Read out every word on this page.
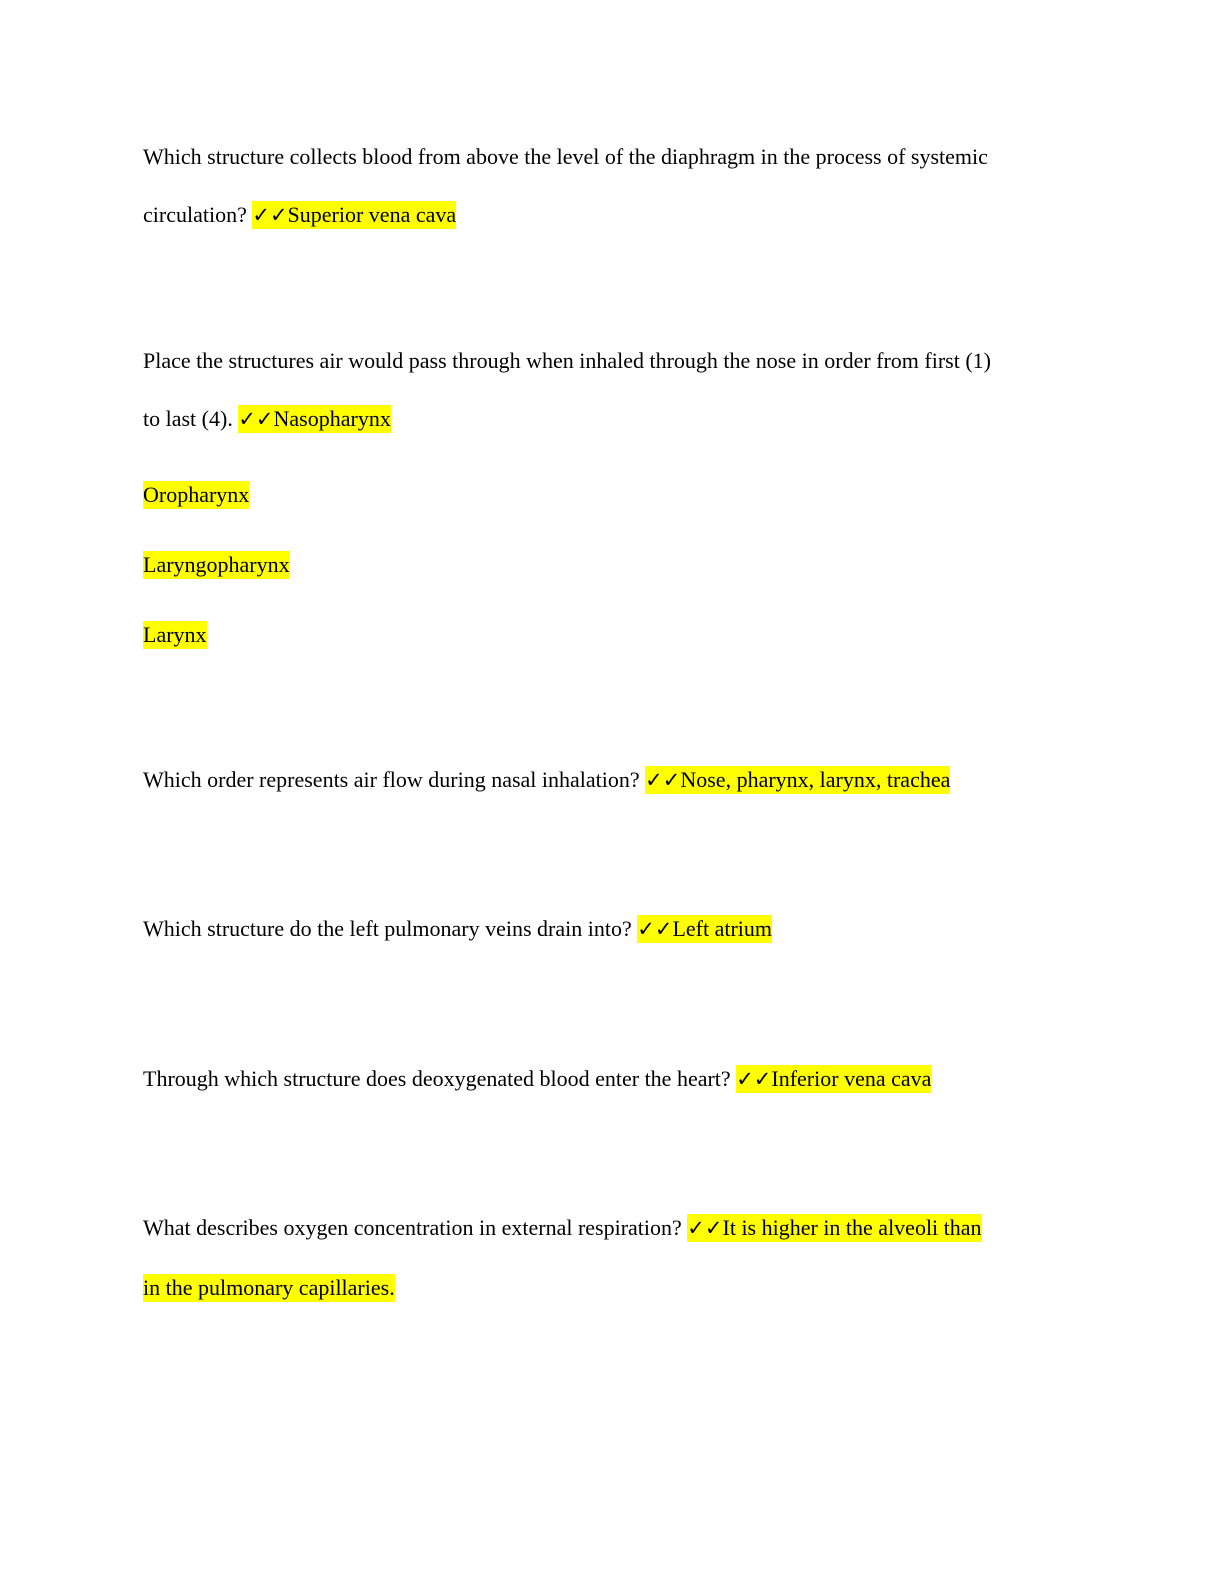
Which structure collects blood from above the level of the diaphragm in the process of systemic
circulation? ✓✓Superior vena cava
Place the structures air would pass through when inhaled through the nose in order from first (1)
to last (4). ✓✓Nasopharynx
Oropharynx
Laryngopharynx
Larynx
Which order represents air flow during nasal inhalation? ✓✓Nose, pharynx, larynx, trachea
Which structure do the left pulmonary veins drain into? ✓✓Left atrium
Through which structure does deoxygenated blood enter the heart? ✓✓Inferior vena cava
What describes oxygen concentration in external respiration? ✓✓It is higher in the alveoli than
in the pulmonary capillaries.
